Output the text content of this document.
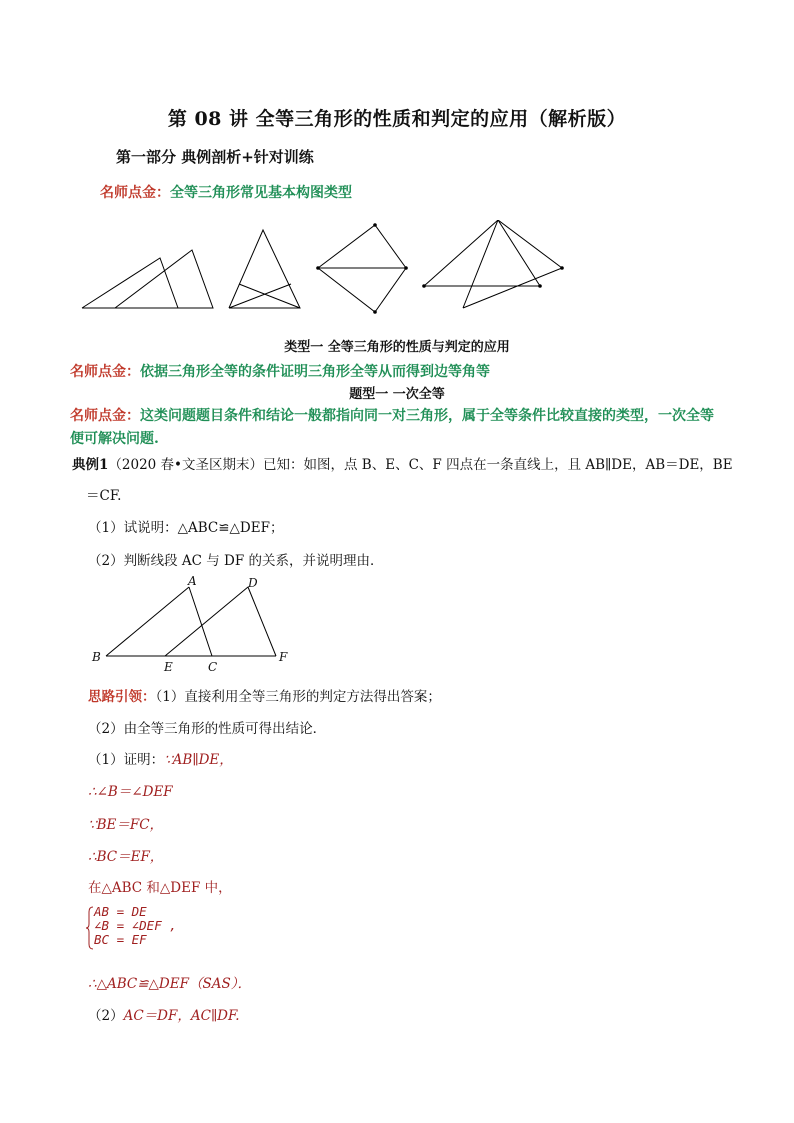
第 08 讲 全等三角形的性质和判定的应用（解析版）
第一部分 典例剖析+针对训练
名师点金：全等三角形常见基本构图类型
类型一 全等三角形的性质与判定的应用
名师点金：依据三角形全等的条件证明三角形全等从而得到边等角等
题型一 一次全等
名师点金：这类问题题目条件和结论一般都指向同一对三角形，属于全等条件比较直接的类型，一次全等
便可解决问题.
典例1（2020 春•文圣区期末）已知：如图，点 B、E、C、F 四点在一条直线上，且 AB∥DE，AB＝DE，BE
＝CF.
（1）试说明：△ABC≌△DEF；
（2）判断线段 AC 与 DF 的关系，并说明理由．
A	D
B
E	C
F
思路引领：（1）直接利用全等三角形的判定方法得出答案；
（2）由全等三角形的性质可得出结论．
（1）证明：∵AB∥DE，
∴∠B＝∠DEF
∵BE＝FC，
∴BC＝EF，
在△ABC 和△DEF 中，
AB = DE
∠B = ∠DEF ,
BC = EF
∴△ABC≌△DEF（SAS）．
（2）AC＝DF，AC∥DF.
